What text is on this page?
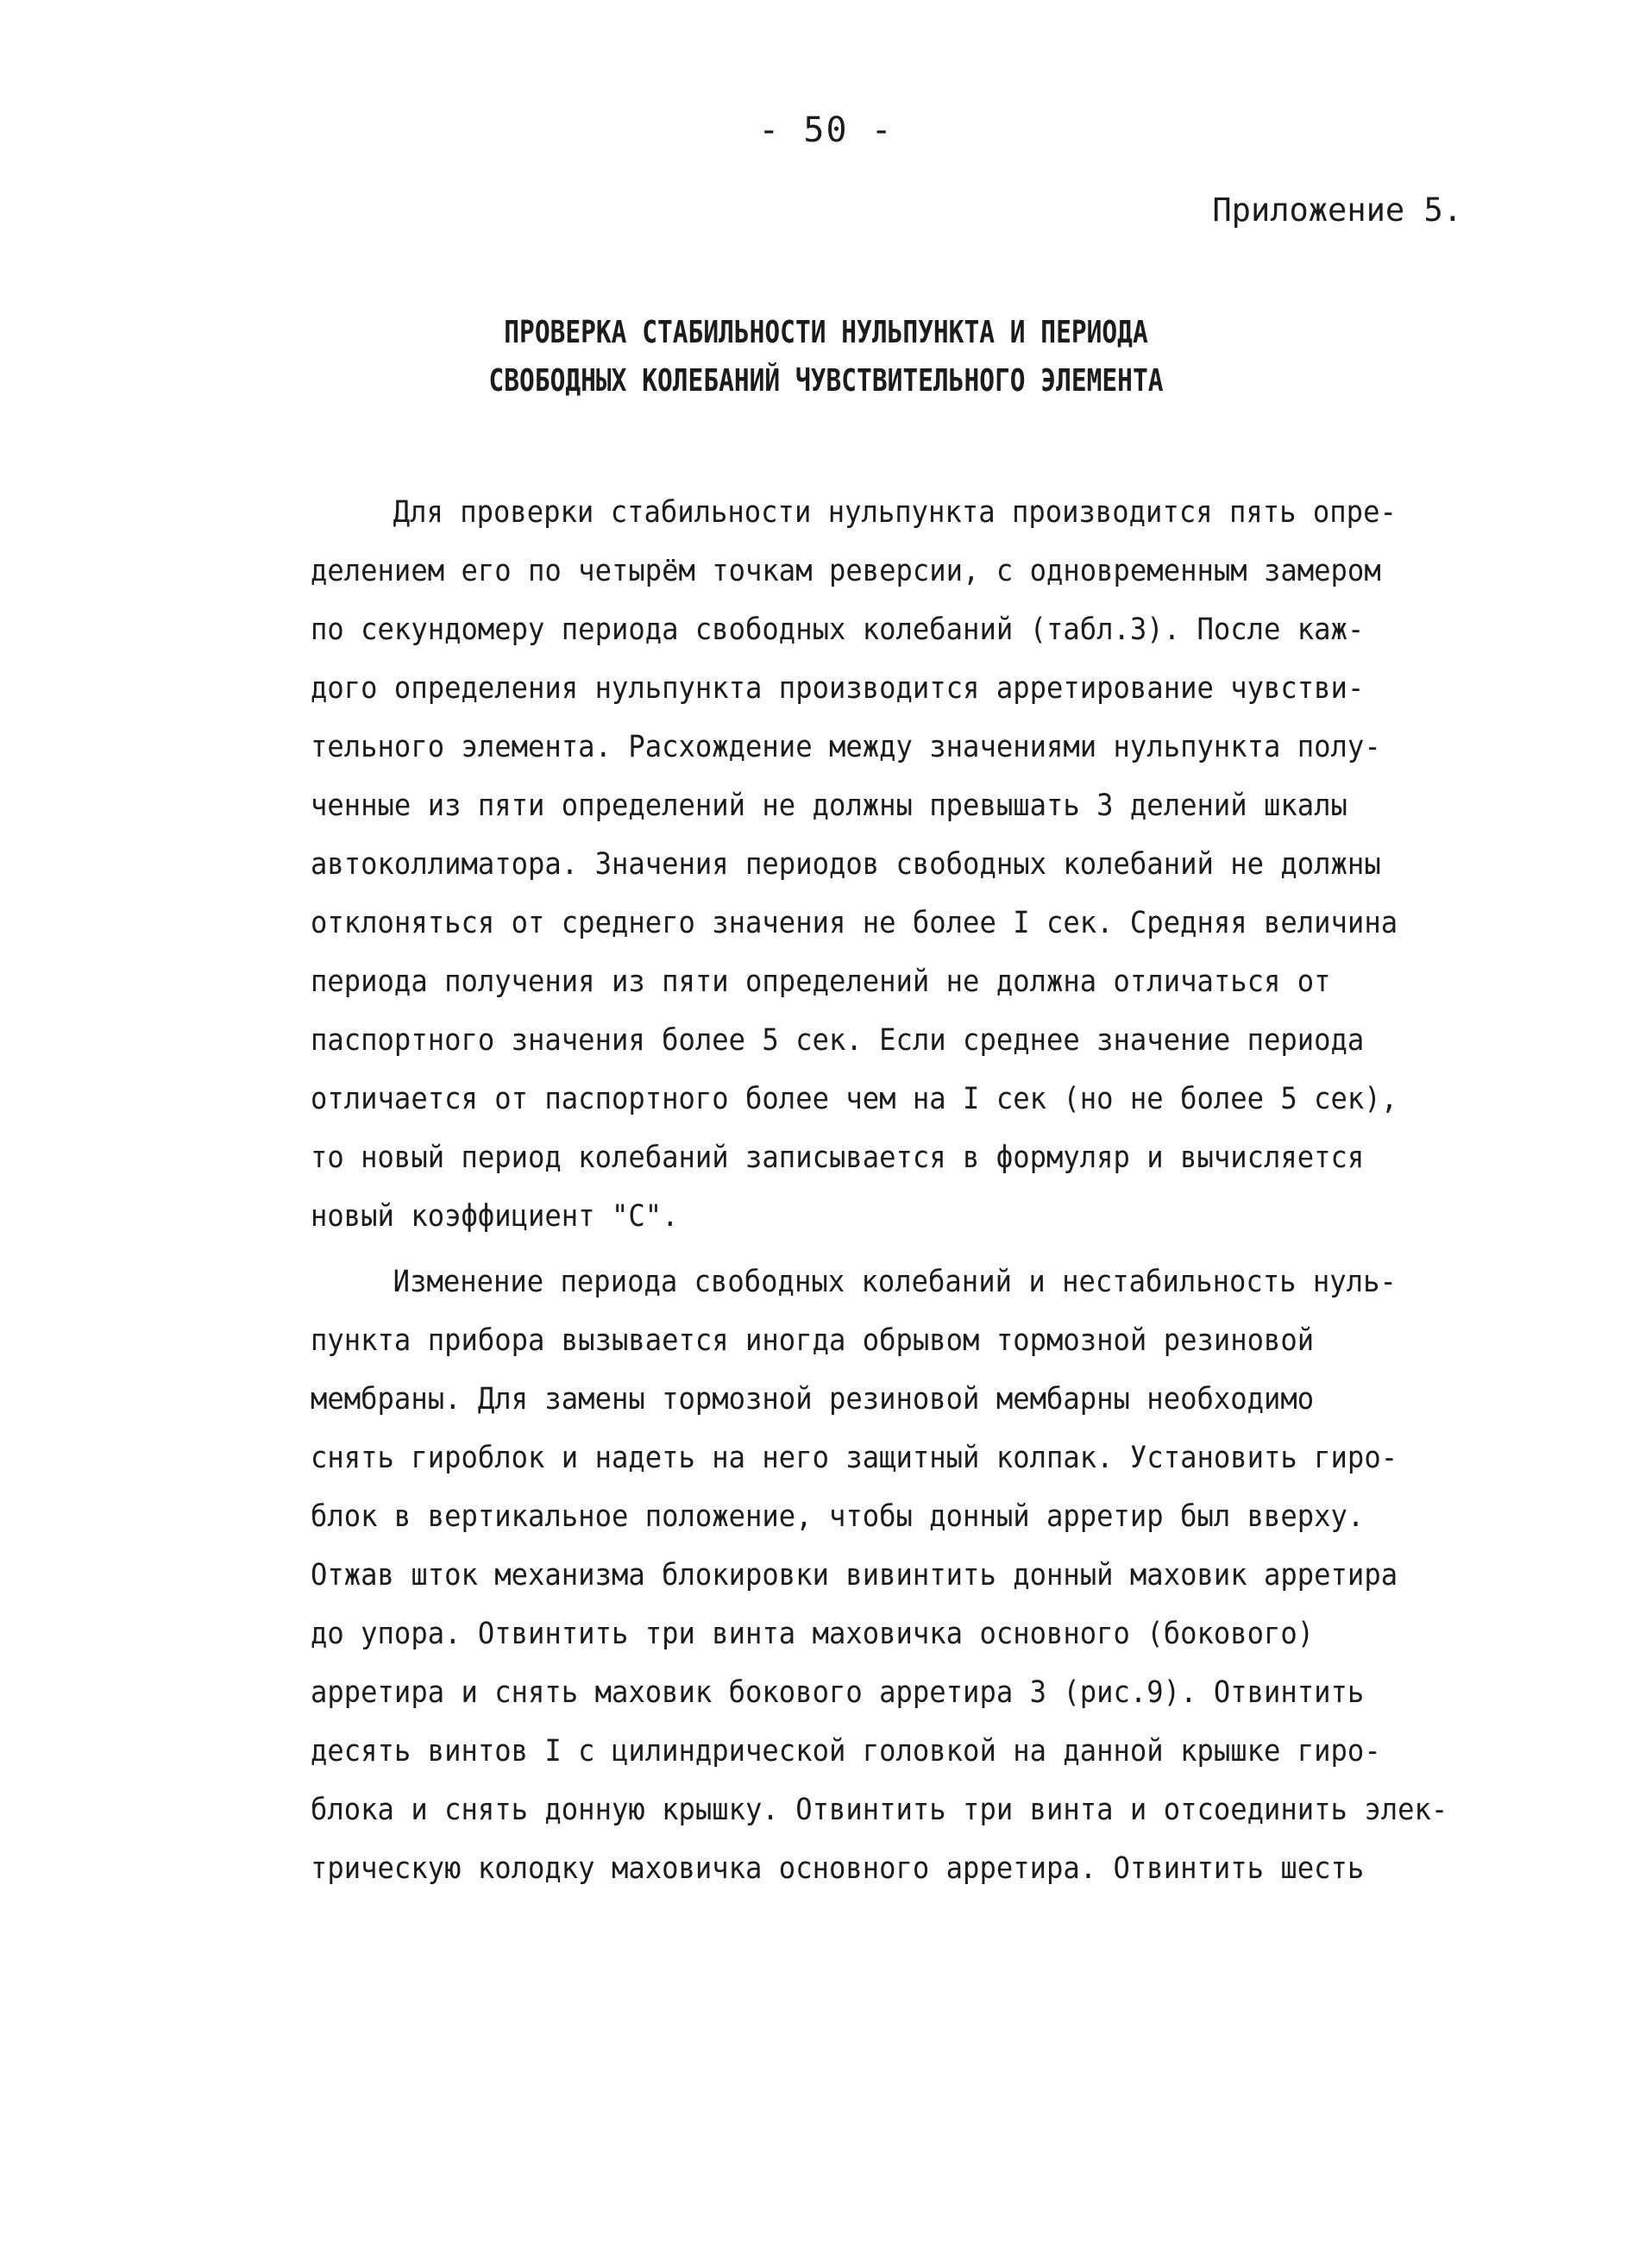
- 50 -
Приложение 5.
ПРОВЕРКА СТАБИЛЬНОСТИ НУЛЬПУНКТА И ПЕРИОДА
СВОБОДНЫХ КОЛЕБАНИЙ ЧУВСТВИТЕЛЬНОГО ЭЛЕМЕНТА
Для проверки стабильности нульпункта производится пять опре-
делением его по четырём точкам реверсии, с одновременным замером
по секундомеру периода свободных колебаний (табл.3). После каж-
дого определения нульпункта производится арретирование чувстви-
тельного элемента. Расхождение между значениями нульпункта полу-
ченные из пяти определений не должны превышать 3 делений шкалы
автоколлиматора. Значения периодов свободных колебаний не должны
отклоняться от среднего значения не более I сек. Средняя величина
периода получения из пяти определений не должна отличаться от
паспортного значения более 5 сек. Если среднее значение периода
отличается от паспортного более чем на I сек (но не более 5 сек),
то новый период колебаний записывается в формуляр и вычисляется
новый коэффициент "С".
Изменение периода свободных колебаний и нестабильность нуль-
пункта прибора вызывается иногда обрывом тормозной резиновой
мембраны. Для замены тормозной резиновой мембарны необходимо
снять гироблок и надеть на него защитный колпак. Установить гиро-
блок в вертикальное положение, чтобы донный арретир был вверху.
Отжав шток механизма блокировки вивинтить донный маховик арретира
до упора. Отвинтить три винта маховичка основного (бокового)
арретира и снять маховик бокового арретира 3 (рис.9). Отвинтить
десять винтов I с цилиндрической головкой на данной крышке гиро-
блока и снять донную крышку. Отвинтить три винта и отсоединить элек-
трическую колодку маховичка основного арретира. Отвинтить шесть
